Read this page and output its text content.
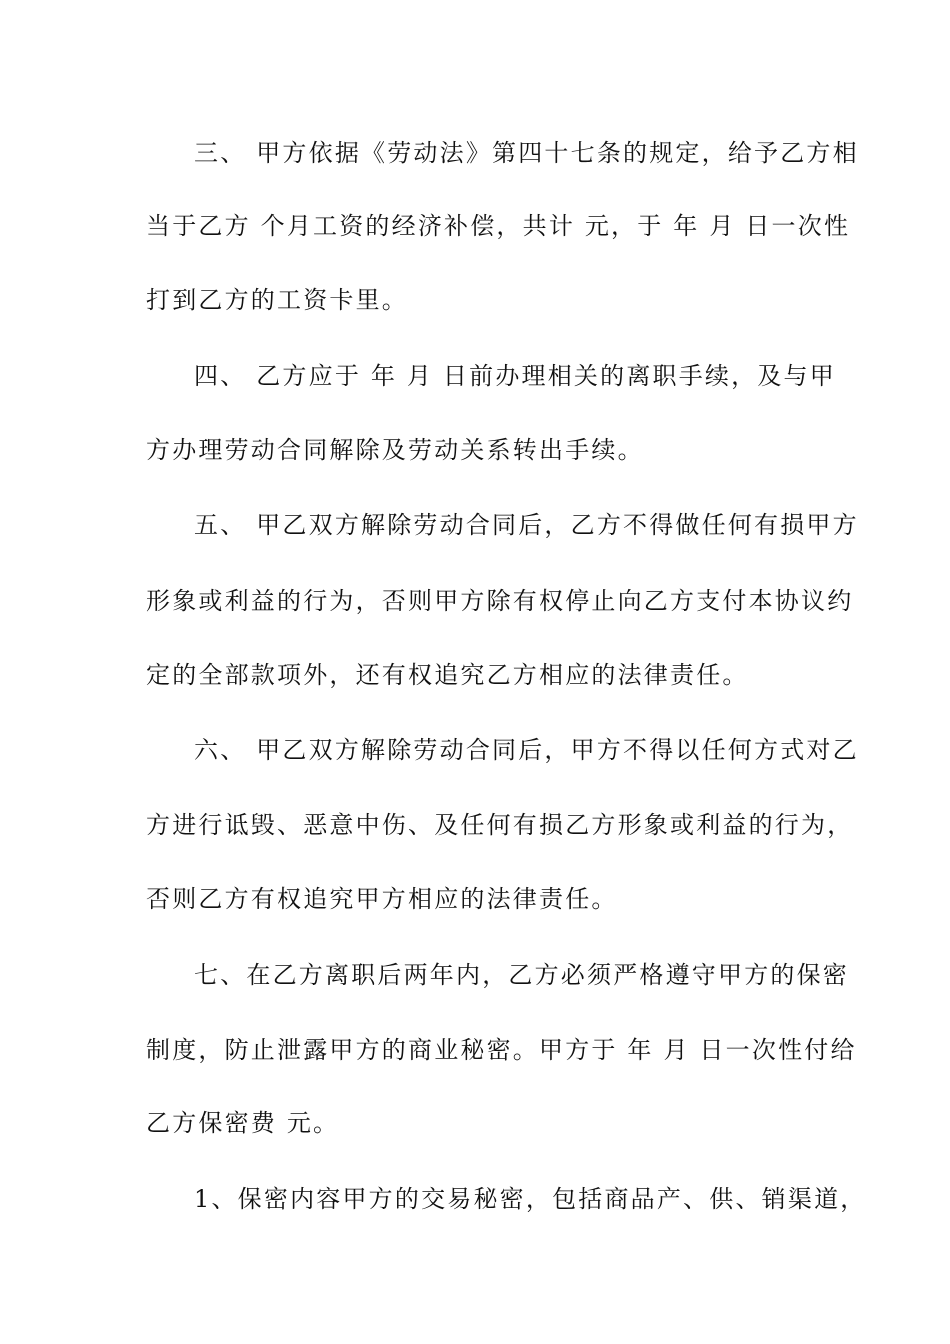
三、 甲方依据《劳动法》第四十七条的规定，给予乙方相

当于乙方 个月工资的经济补偿，共计 元，于 年 月 日一次性

打到乙方的工资卡里。

四、 乙方应于 年 月 日前办理相关的离职手续，及与甲

方办理劳动合同解除及劳动关系转出手续。

五、 甲乙双方解除劳动合同后，乙方不得做任何有损甲方

形象或利益的行为，否则甲方除有权停止向乙方支付本协议约

定的全部款项外，还有权追究乙方相应的法律责任。

六、 甲乙双方解除劳动合同后，甲方不得以任何方式对乙

方进行诋毁、恶意中伤、及任何有损乙方形象或利益的行为，

否则乙方有权追究甲方相应的法律责任。

七、在乙方离职后两年内，乙方必须严格遵守甲方的保密

制度，防止泄露甲方的商业秘密。甲方于 年 月 日一次性付给

乙方保密费 元。

1、保密内容甲方的交易秘密，包括商品产、供、销渠道，
